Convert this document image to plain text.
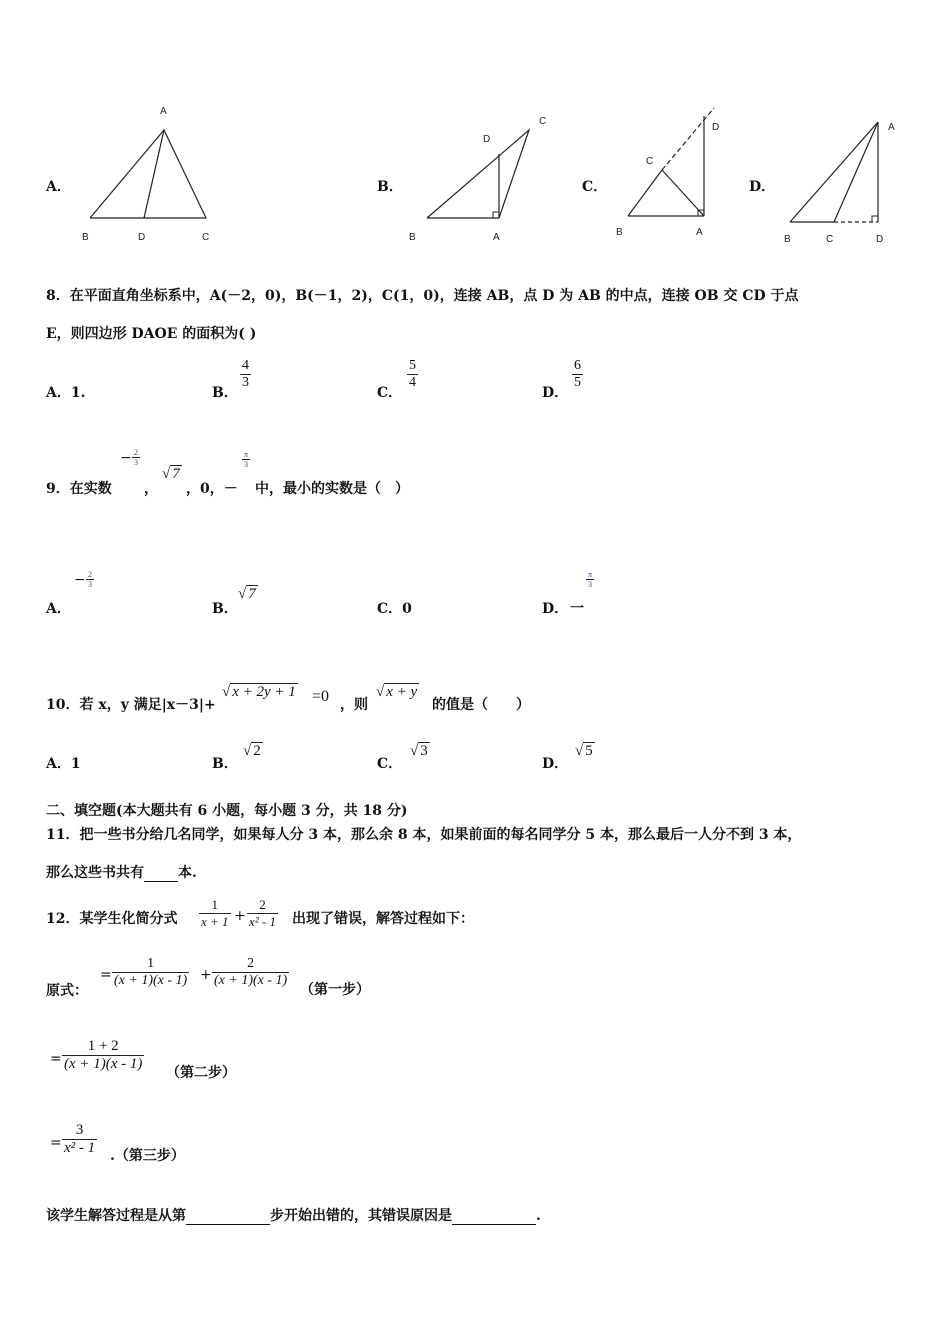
A．
A
B	D	C
B．
C
D
B	A
C．
D
C
B	A
D．
A
B	C	D
8．在平面直角坐标系中，A(－2，0)，B(－1，2)，C(1，0)，连接 AB，点 D 为 AB 的中点，连接 OB 交 CD 于点
E，则四边形 DAOE 的面积为( )
A．1.	B．
$\frac{4}{3}$
C．
$\frac{5}{4}$
D．
$\frac{6}{5}$
9．在实数
− $\frac{2}{3}$
，
√ 7
，0，－
$\frac{\pi}{3}$
中，最小的实数是（　）
A．
− $\frac{2}{3}$
B．
√ 7
C．0	D． 一
$\frac{\pi}{3}$
10．若 x，y 满足|x－3|+
√ x + 2y + 1 =0 ，则
√ x + y
的值是（　　）
A．1	B．
√ 2
C．
√ 3
D．
√ 5
二、填空题(本大题共有 6 小题，每小题 3 分，共 18 分)
11．把一些书分给几名同学，如果每人分 3 本，那么余 8 本，如果前面的每名同学分 5 本，那么最后一人分不到 3 本，
那么这些书共有 本.
12．某学生化简分式 $\frac{1}{x + 1} + \frac{2}{\text{x² - 1}}$ 出现了错误，解答过程如下：
原式：
= $\frac{1}{(x + 1)(x - 1)} + \frac{2}{(x + 1)(x - 1)}$
（第一步）
= $\frac{1 + 2}{(x + 1)(x - 1)}$ （第二步）
= $\frac{3}{\text{x² - 1}}$ .（第三步）
该学生解答过程是从第	步开始出错的，其错误原因是	.
